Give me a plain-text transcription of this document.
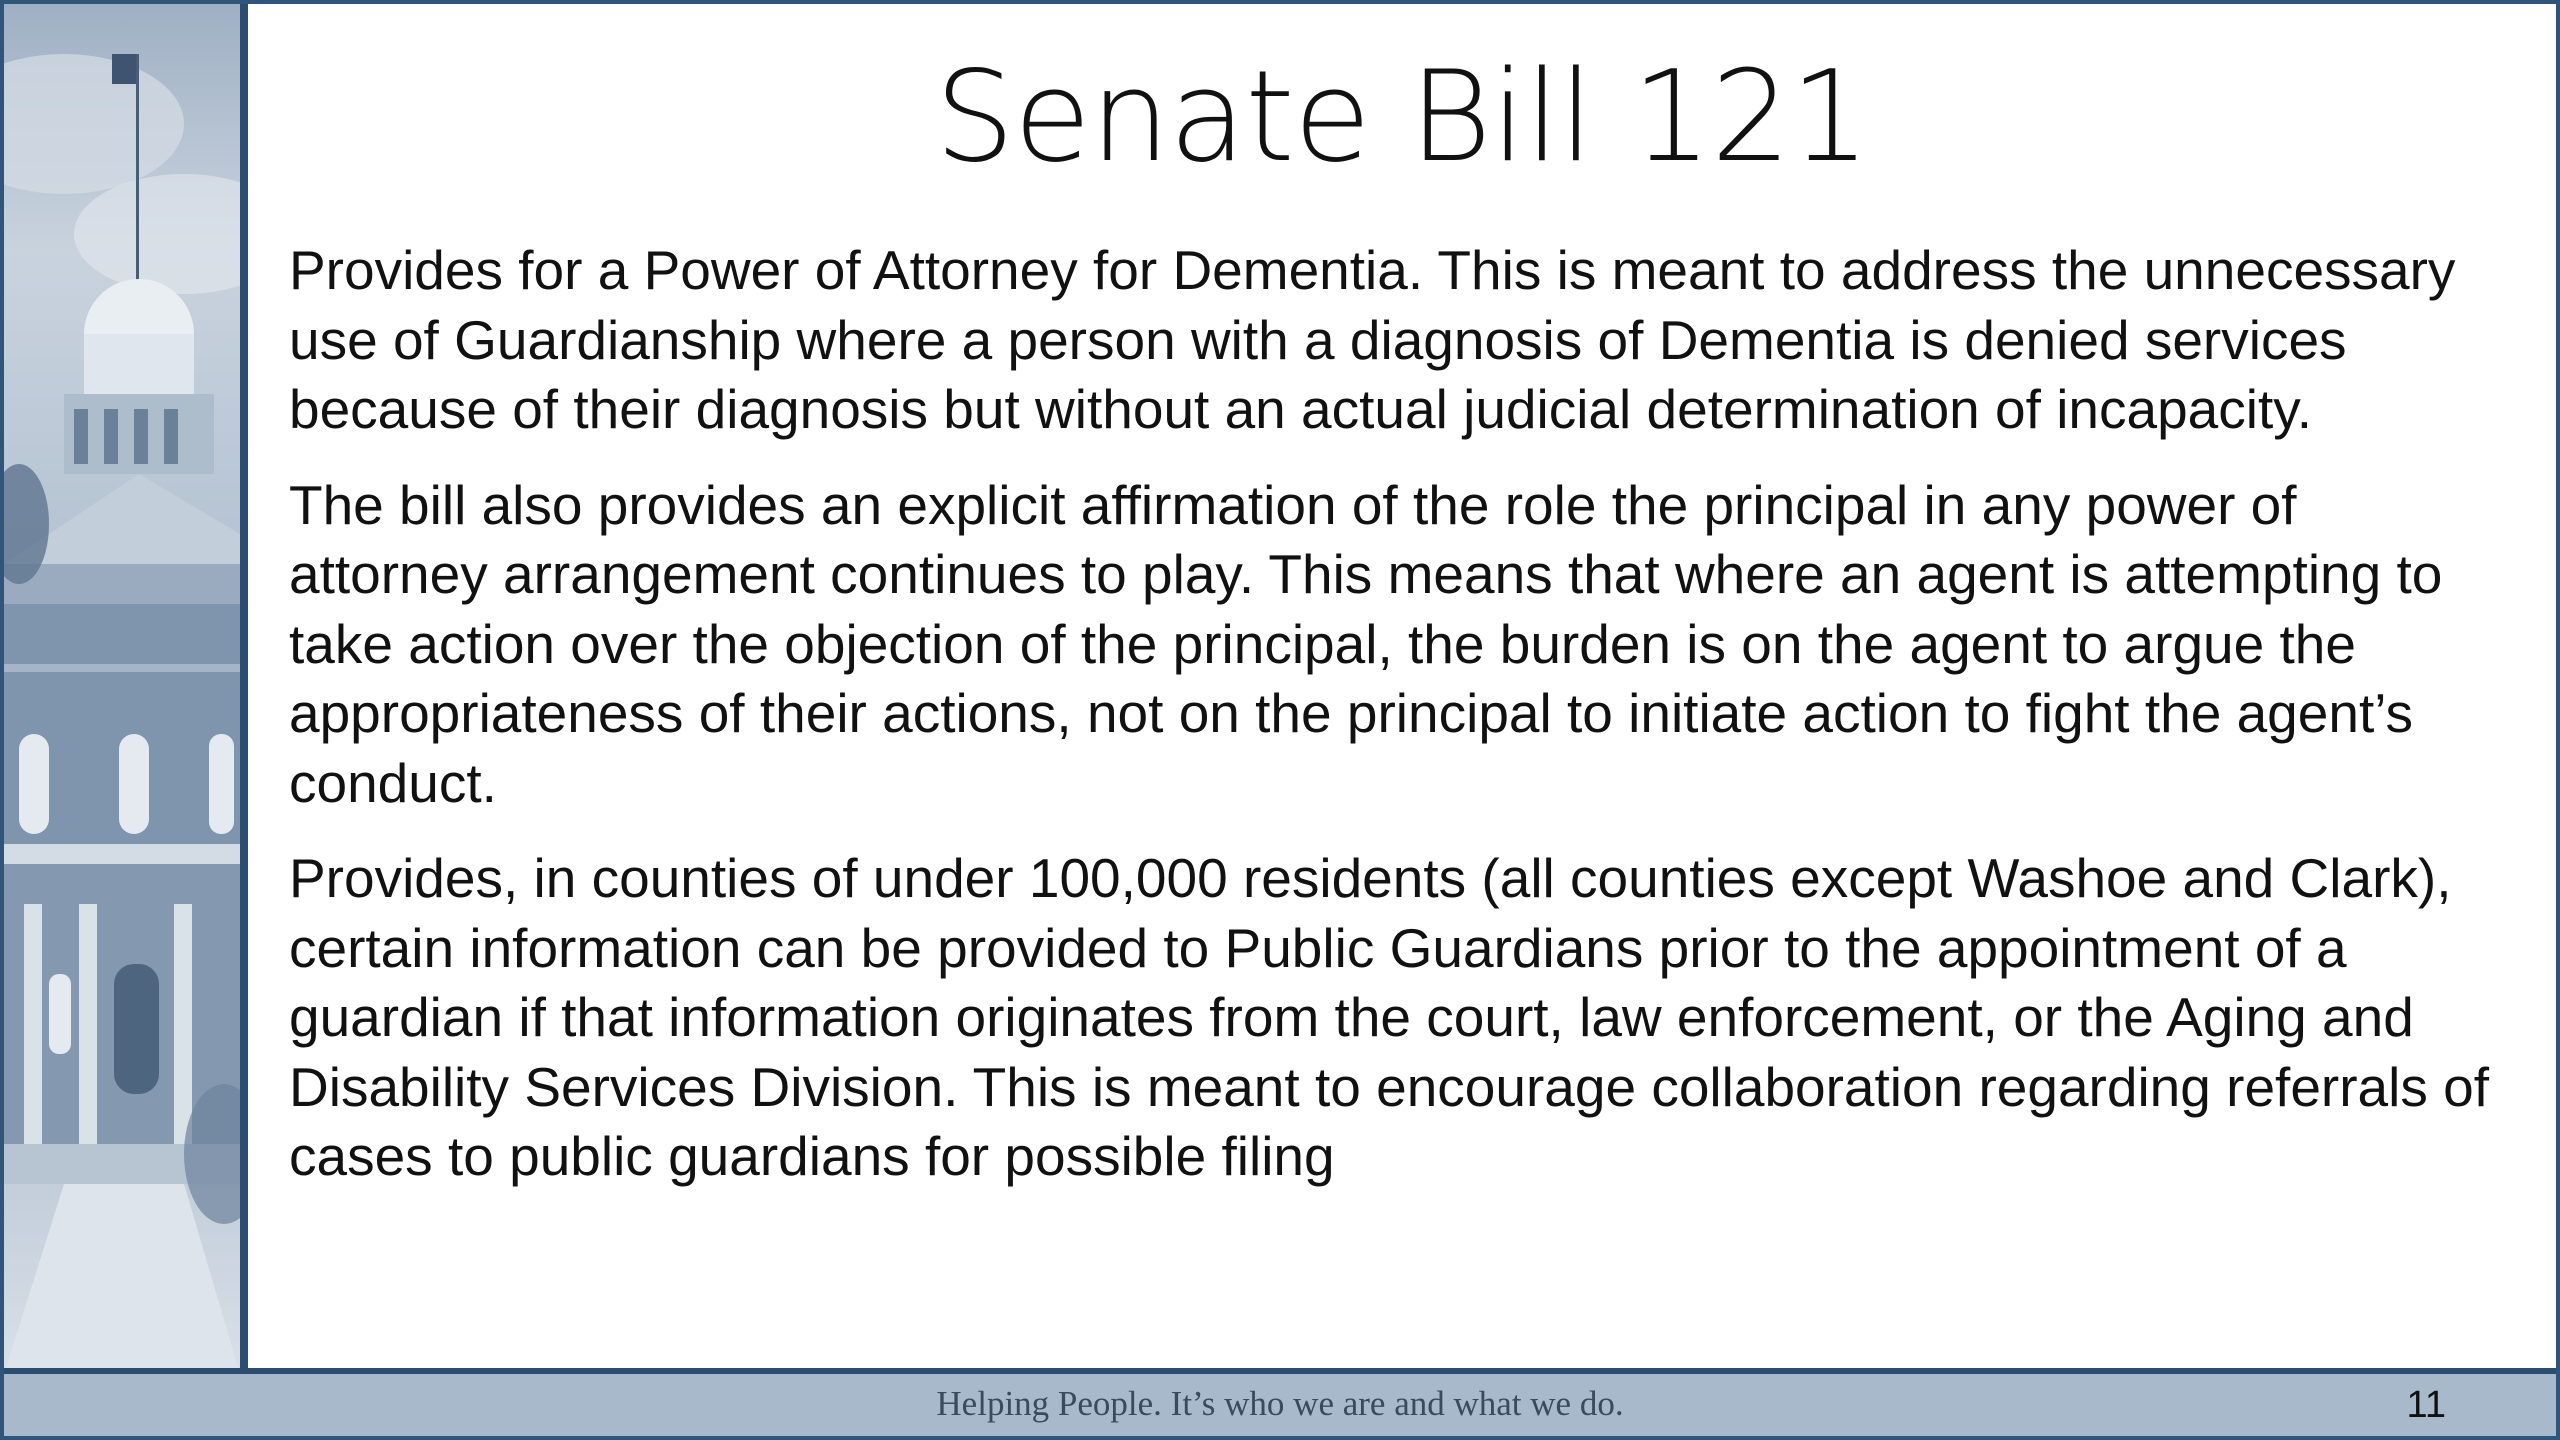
Senate Bill 121

Provides for a Power of Attorney for Dementia. This is meant to address the unnecessary use of Guardianship where a person with a diagnosis of Dementia is denied services because of their diagnosis but without an actual judicial determination of incapacity.

The bill also provides an explicit affirmation of the role the principal in any power of attorney arrangement continues to play. This means that where an agent is attempting to take action over the objection of the principal, the burden is on the agent to argue the appropriateness of their actions, not on the principal to initiate action to fight the agent’s conduct.

Provides, in counties of under 100,000 residents (all counties except Washoe and Clark), certain information can be provided to Public Guardians prior to the appointment of a guardian if that information originates from the court, law enforcement, or the Aging and Disability Services Division. This is meant to encourage collaboration regarding referrals of cases to public guardians for possible filing

Helping People. It’s who we are and what we do.	11
